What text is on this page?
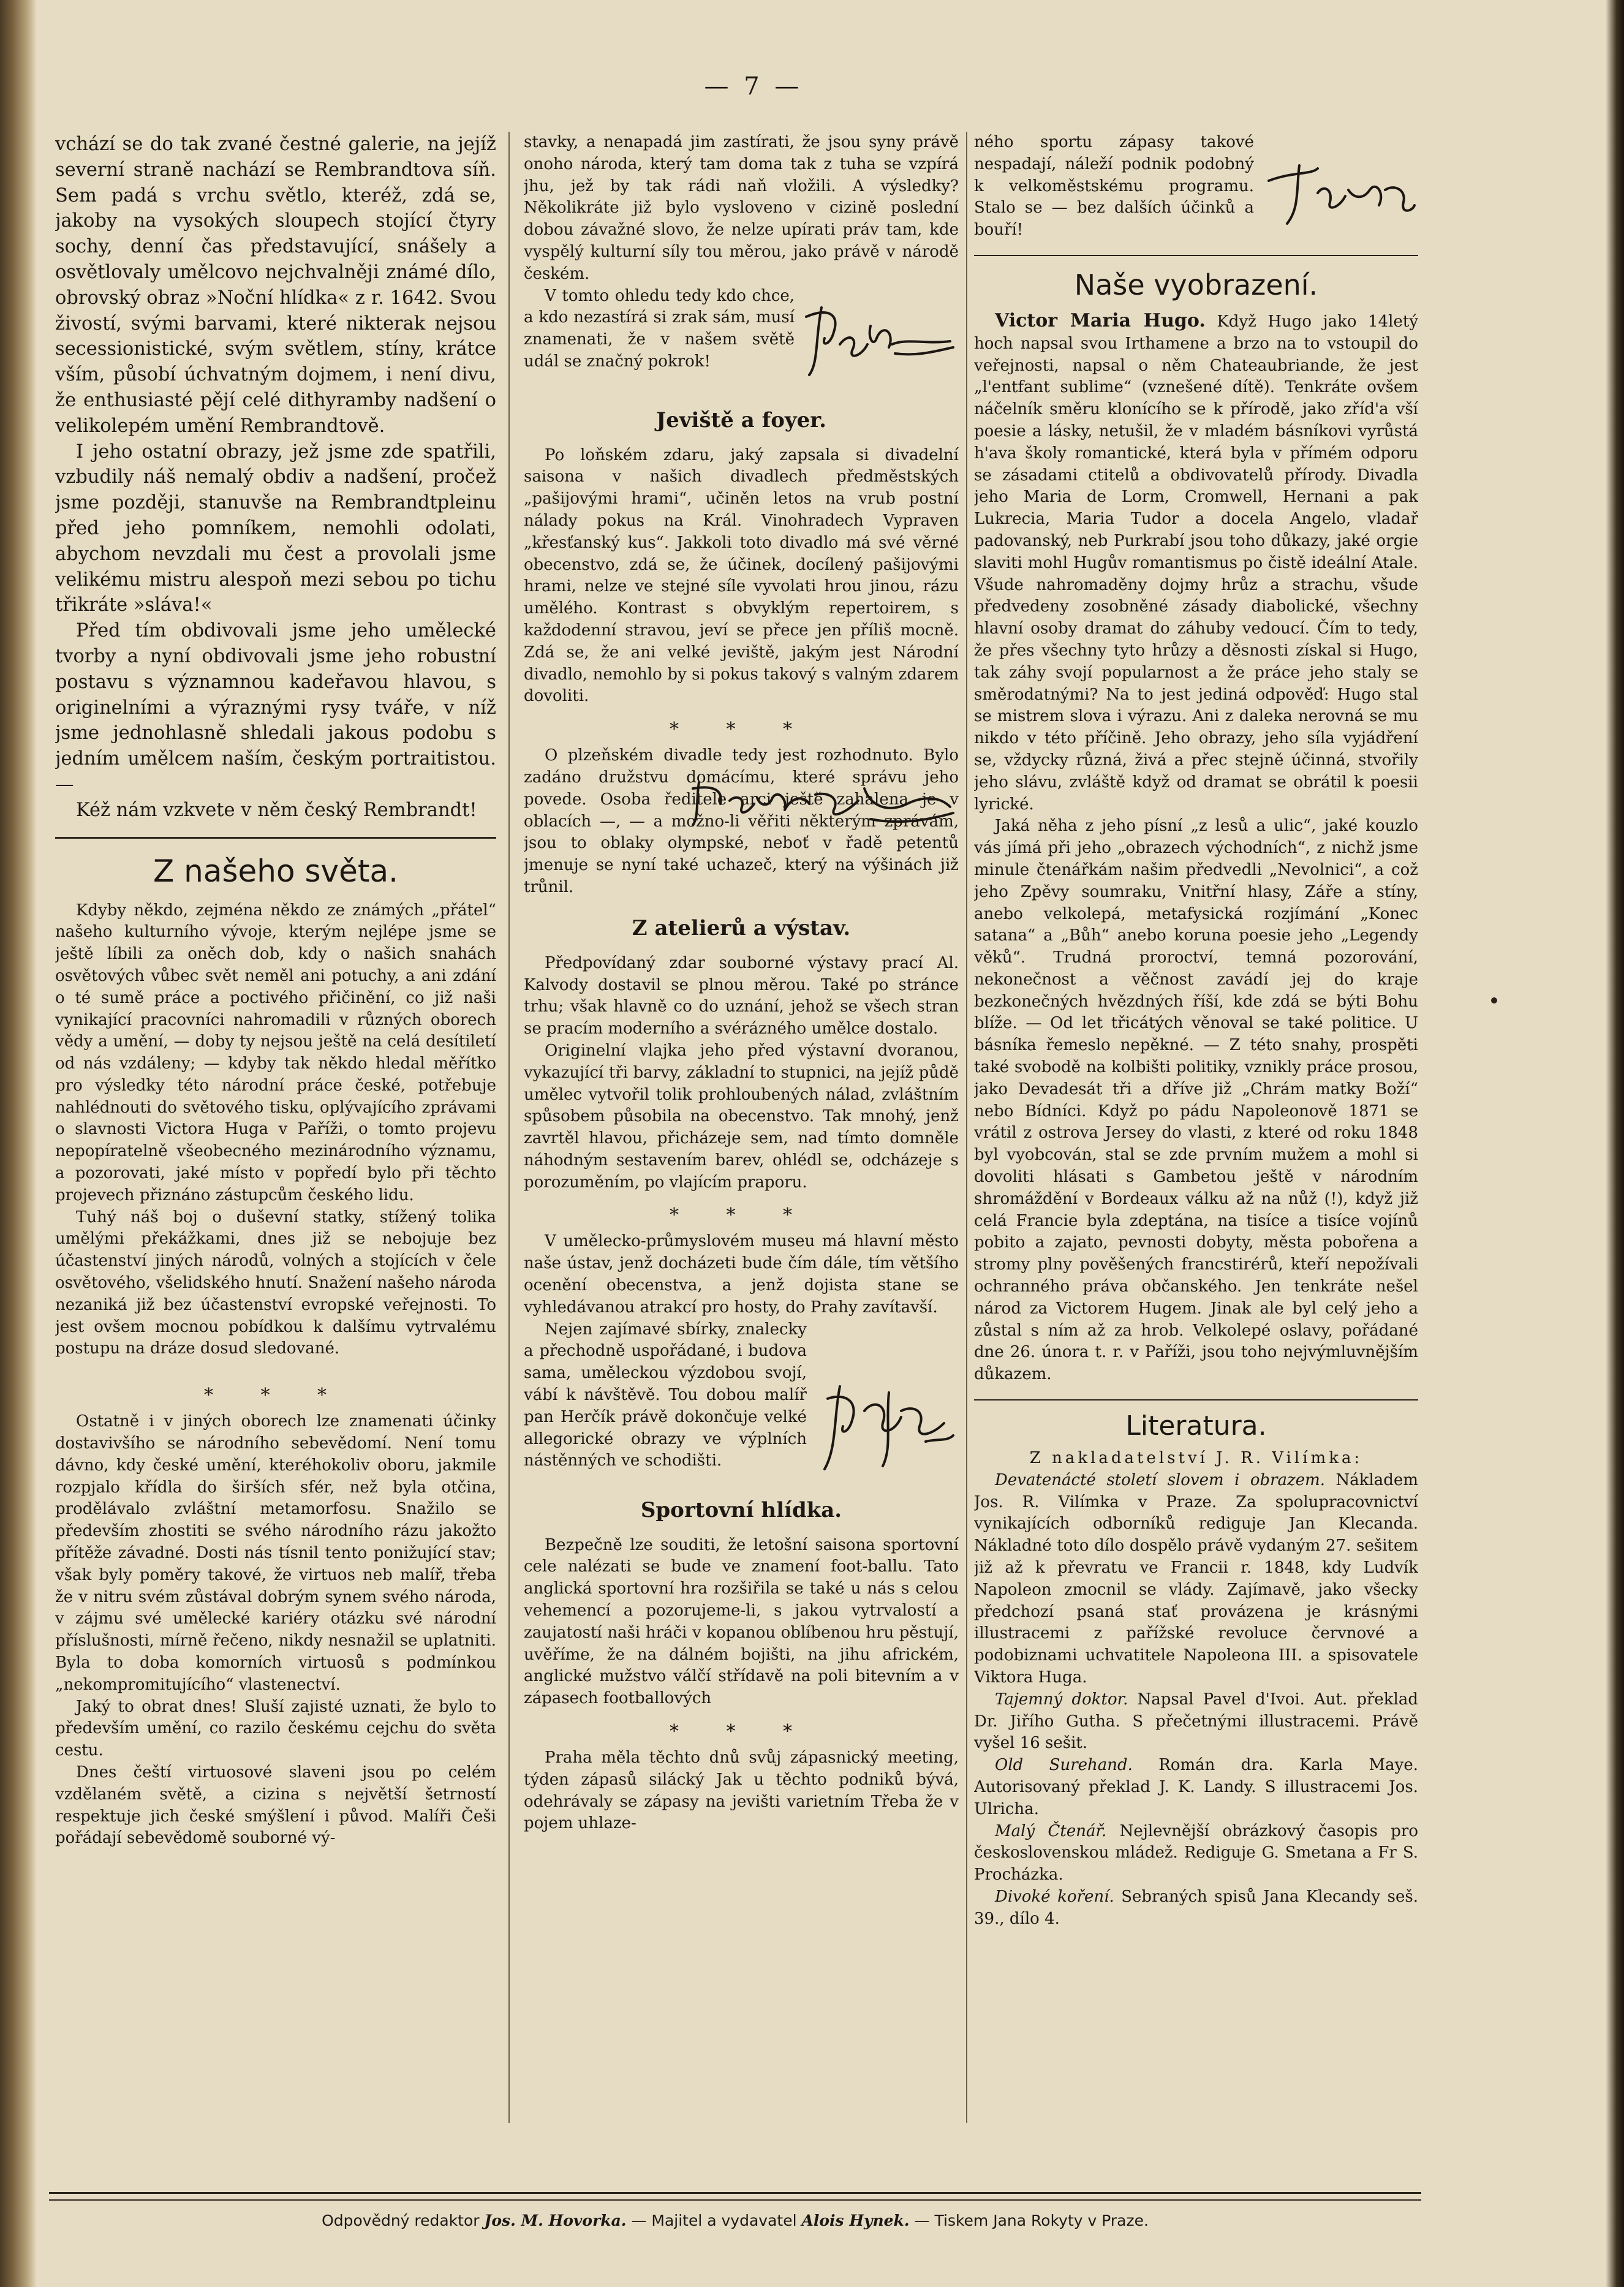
— 7 —

vchází se do tak zvané čestné galerie, na jejíž severní straně nachází se Rembrandtova síň. Sem padá s vrchu světlo, kteréž, zdá se, jakoby na vysokých sloupech stojící čtyry sochy, denní čas představující, snášely a osvětlovaly umělcovo nejchvalněji známé dílo, obrovský obraz »Noční hlídka« z r. 1642. Svou živostí, svými barvami, které nikterak nejsou secessionistické, svým světlem, stíny, krátce vším, působí úchvatným dojmem, i není divu, že enthusiasté pějí celé dithyramby nadšení o velikolepém umění Rembrandtově.

I jeho ostatní obrazy, jež jsme zde spatřili, vzbudily náš nemalý obdiv a nadšení, pročež jsme později, stanuvše na Rembrandtpleinu před jeho pomníkem, nemohli odolati, abychom nevzdali mu čest a provolali jsme velikému mistru alespoň mezi sebou po tichu třikráte »sláva!«

Před tím obdivovali jsme jeho umělecké tvorby a nyní obdivovali jsme jeho robustní postavu s významnou kadeřavou hlavou, s originelními a výraznými rysy tváře, v níž jsme jednohlasně shledali jakous podobu s jedním umělcem naším, českým portraitistou. —

Kéž nám vzkvete v něm český Rembrandt!

Z našeho světa.

Kdyby někdo, zejména někdo ze známých „přátel“ našeho kulturního vývoje, kterým nejlépe jsme se ještě líbili za oněch dob, kdy o našich snahách osvětových vůbec svět neměl ani potuchy, a ani zdání o té sumě práce a poctivého přičinění, co již naši vynikající pracovníci nahromadili v různých oborech vědy a umění, — doby ty nejsou ještě na celá desítiletí od nás vzdáleny; — kdyby tak někdo hledal měřítko pro výsledky této národní práce české, potřebuje nahlédnouti do světového tisku, oplývajícího zprávami o slavnosti Victora Huga v Paříži, o tomto projevu nepopíratelně všeobecného mezinárodního významu, a pozorovati, jaké místo v popředí bylo při těchto projevech přiznáno zástupcům českého lidu.

Tuhý náš boj o duševní statky, stížený tolika umělými překážkami, dnes již se nebojuje bez účastenství jiných národů, volných a stojících v čele osvětového, všelidského hnutí. Snažení našeho národa nezaniká již bez účastenství evropské veřejnosti. To jest ovšem mocnou pobídkou k dalšímu vytrvalému postupu na dráze dosud sledované.

* * *

Ostatně i v jiných oborech lze znamenati účinky dostavivšího se národního sebevědomí. Není tomu dávno, kdy české umění, kteréhokoliv oboru, jakmile rozpjalo křídla do širších sfér, než byla otčina, prodělávalo zvláštní metamorfosu. Snažilo se především zhostiti se svého národního rázu jakožto přítěže závadné. Dosti nás tísnil tento ponižující stav; však byly poměry takové, že virtuos neb malíř, třeba že v nitru svém zůstával dobrým synem svého národa, v zájmu své umělecké kariéry otázku své národní příslušnosti, mírně řečeno, nikdy nesnažil se uplatniti. Byla to doba komorních virtuosů s podmínkou „nekompromitujícího“ vlastenectví.

Jaký to obrat dnes! Sluší zajisté uznati, že bylo to především umění, co razilo českému cejchu do světa cestu.

Dnes čeští virtuosové slaveni jsou po celém vzdělaném světě, a cizina s největší šetrností respektuje jich české smýšlení i původ. Malíři Češi pořádají sebevědomě souborné vý-

stavky, a nenapadá jim zastírati, že jsou syny právě onoho národa, který tam doma tak z tuha se vzpírá jhu, jež by tak rádi naň vložili. A výsledky? Několikráte již bylo vysloveno v cizině poslední dobou závažné slovo, že nelze upírati práv tam, kde vyspělý kulturní síly tou měrou, jako právě v národě českém.

V tomto ohledu tedy kdo chce, a kdo nezastírá si zrak sám, musí znamenati, že v našem světě udál se značný pokrok!

Jeviště a foyer.

Po loňském zdaru, jaký zapsala si divadelní saisona v našich divadlech předměstských „pašijovými hrami“, učiněn letos na vrub postní nálady pokus na Král. Vinohradech Vypraven „křesťanský kus“. Jakkoli toto divadlo má své věrné obecenstvo, zdá se, že účinek, docílený pašijovými hrami, nelze ve stejné síle vyvolati hrou jinou, rázu umělého. Kontrast s obvyklým repertoirem, s každodenní stravou, jeví se přece jen příliš mocně. Zdá se, že ani velké jeviště, jakým jest Národní divadlo, nemohlo by si pokus takový s valným zdarem dovoliti.

* * *

O plzeňském divadle tedy jest rozhodnuto. Bylo zadáno družstvu domácímu, které správu jeho povede. Osoba ředitele arci ještě zahalena je v oblacích —, — a možno-li věřiti některým zprávám, jsou to oblaky olympské, neboť v řadě petentů jmenuje se nyní také uchazeč, který na výšinách již trůnil.

Z atelierů a výstav.

Předpovídaný zdar souborné výstavy prací Al. Kalvody dostavil se plnou měrou. Také po stránce trhu; však hlavně co do uznání, jehož se všech stran se pracím moderního a svérázného umělce dostalo.

Originelní vlajka jeho před výstavní dvoranou, vykazující tři barvy, základní to stupnici, na jejíž půdě umělec vytvořil tolik prohloubených nálad, zvláštním spůsobem působila na obecenstvo. Tak mnohý, jenž zavrtěl hlavou, přicházeje sem, nad tímto domněle náhodným sestavením barev, ohlédl se, odcházeje s porozuměním, po vlajícím praporu.

* * *

V umělecko-průmyslovém museu má hlavní město naše ústav, jenž docházeti bude čím dále, tím většího ocenění obecenstva, a jenž dojista stane se vyhledávanou atrakcí pro hosty, do Prahy zavítavší.

Nejen zajímavé sbírky, znalecky a přechodně uspořádané, i budova sama, uměleckou výzdobou svojí, vábí k návštěvě. Tou dobou malíř pan Herčík právě dokončuje velké allegorické obrazy ve výplních nástěnných ve schodišti.

Sportovní hlídka.

Bezpečně lze souditi, že letošní saisona sportovní cele nalézati se bude ve znamení foot-ballu. Tato anglická sportovní hra rozšiřila se také u nás s celou vehemencí a pozorujeme-li, s jakou vytrvalostí a zaujatostí naši hráči v kopanou oblíbenou hru pěstují, uvěříme, že na dálném bojišti, na jihu africkém, anglické mužstvo válčí střídavě na poli bitevním a v zápasech footballových

* * *

Praha měla těchto dnů svůj zápasnický meeting, týden zápasů silácký Jak u těchto podniků bývá, odehrávaly se zápasy na jevišti varietním Třeba že v pojem uhlaze-

ného sportu zápasy takové nespadají, náleží podnik podobný k velkoměstskému programu. Stalo se — bez dalších účinků a bouří!

Naše vyobrazení.

Victor Maria Hugo. Když Hugo jako 14letý hoch napsal svou Irthamene a brzo na to vstoupil do veřejnosti, napsal o něm Chateaubriande, že jest „l'entfant sublime“ (vznešené dítě). Tenkráte ovšem náčelník směru klonícího se k přírodě, jako zříd'a vší poesie a lásky, netušil, že v mladém básníkovi vyrůstá h'ava školy romantické, která byla v přímém odporu se zásadami ctitelů a obdivovatelů přírody. Divadla jeho Maria de Lorm, Cromwell, Hernani a pak Lukrecia, Maria Tudor a docela Angelo, vladař padovanský, neb Purkrabí jsou toho důkazy, jaké orgie slaviti mohl Hugův romantismus po čistě ideální Atale. Všude nahromaděny dojmy hrůz a strachu, všude předvedeny zosobněné zásady diabolické, všechny hlavní osoby dramat do záhuby vedoucí. Čím to tedy, že přes všechny tyto hrůzy a děsnosti získal si Hugo, tak záhy svojí popularnost a že práce jeho staly se směrodatnými? Na to jest jediná odpověď: Hugo stal se mistrem slova i výrazu. Ani z daleka nerovná se mu nikdo v této příčině. Jeho obrazy, jeho síla vyjádření se, vždycky různá, živá a přec stejně účinná, stvořily jeho slávu, zvláště když od dramat se obrátil k poesii lyrické.

Jaká něha z jeho písní „z lesů a ulic“, jaké kouzlo vás jímá při jeho „obrazech východních“, z nichž jsme minule čtenářkám našim předvedli „Nevolnici“, a což jeho Zpěvy soumraku, Vnitřní hlasy, Záře a stíny, anebo velkolepá, metafysická rozjímání „Konec satana“ a „Bůh“ anebo koruna poesie jeho „Legendy věků“. Trudná proroctví, temná pozorování, nekonečnost a věčnost zavádí jej do kraje bezkonečných hvězdných říší, kde zdá se býti Bohu blíže. — Od let třicátých věnoval se také politice. U básníka řemeslo nepěkné. — Z této snahy, prospěti také svobodě na kolbišti politiky, vznikly práce prosou, jako Devadesát tři a dříve již „Chrám matky Boží“ nebo Bídníci. Když po pádu Napoleonově 1871 se vrátil z ostrova Jersey do vlasti, z které od roku 1848 byl vyobcován, stal se zde prvním mužem a mohl si dovoliti hlásati s Gambetou ještě v národním shromáždění v Bordeaux válku až na nůž (!), když již celá Francie byla zdeptána, na tisíce a tisíce vojínů pobito a zajato, pevnosti dobyty, města pobořena a stromy plny pověšených francstirérů, kteří nepožívali ochranného práva občanského. Jen tenkráte nešel národ za Victorem Hugem. Jinak ale byl celý jeho a zůstal s ním až za hrob. Velkolepé oslavy, pořádané dne 26. února t. r. v Paříži, jsou toho nejvýmluvnějším důkazem.

Literatura.

Z nakladatelství J. R. Vilímka:

Devatenácté století slovem i obrazem. Nákladem Jos. R. Vilímka v Praze. Za spolupracovnictví vynikajících odborníků rediguje Jan Klecanda. Nákladné toto dílo dospělo právě vydaným 27. sešitem již až k převratu ve Francii r. 1848, kdy Ludvík Napoleon zmocnil se vlády. Zajímavě, jako všecky předchozí psaná stať provázena je krásnými illustracemi z pařížské revoluce červnové a podobiznami uchvatitele Napoleona III. a spisovatele Viktora Huga.

Tajemný doktor. Napsal Pavel d'Ivoi. Aut. překlad Dr. Jiřího Gutha. S přečetnými illustracemi. Právě vyšel 16 sešit.

Old Surehand. Román dra. Karla Maye. Autorisovaný překlad J. K. Landy. S illustracemi Jos. Ulricha.

Malý Čtenář. Nejlevnější obrázkový časopis pro československou mládež. Rediguje G. Smetana a Fr S. Procházka.

Divoké koření. Sebraných spisů Jana Klecandy seš. 39., dílo 4.

Odpovědný redaktor Jos. M. Hovorka. — Majitel a vydavatel Alois Hynek. — Tiskem Jana Rokyty v Praze.
